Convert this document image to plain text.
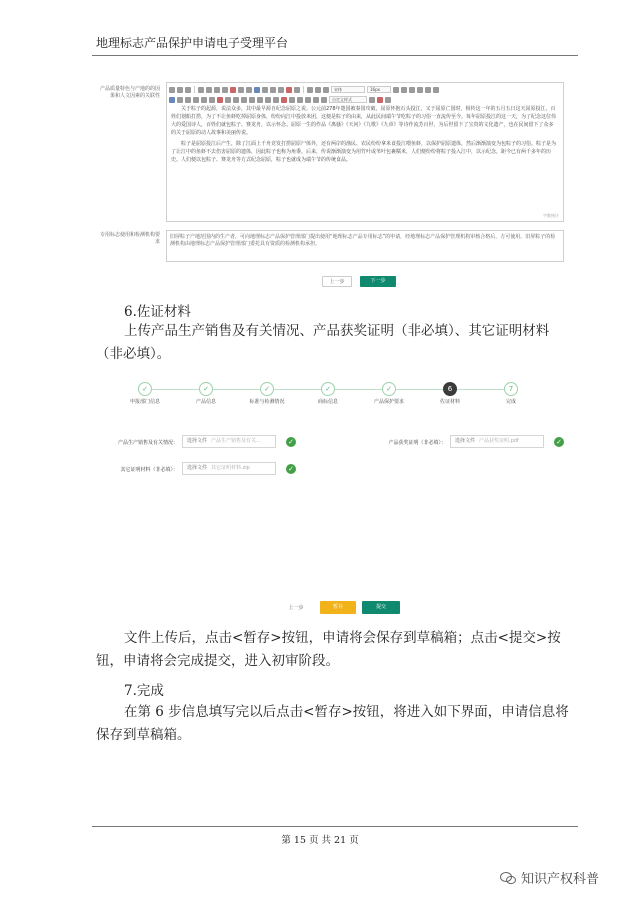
地理标志产品保护申请电子受理平台
产品质量特色与产地的的因果和人文因素的关联性
宋体	16px
自定义样式

关于粽子的起源，说法众多，其中最早源自纪念屈原之说。公元前278年楚国被秦国攻破，屈原怀抱石头投江，又于屈原亡国时，相传这一年的五月五日这天屈原投江，百姓们划船打捞，为了不让鱼虾吃掉屈原身体，纷纷向江中投放米团，这便是粽子的由来，从此民间端午节吃粽子的习俗一直流传至今。每年屈原投江的这一天，为了纪念这位伟大的爱国诗人，百姓们就包粽子、赛龙舟，以示怀念。屈原一生的作品《离骚》《天问》《九歌》《九章》等诗作流芳百世，为后世留下了宝贵的文化遗产，也在民间留下了众多的关于屈原的动人故事和美丽传说。

粽子是屈原投江后产生，除了江面上千舟竞发打捞屈原尸体外，还有两岸的渔民、农民纷纷拿米食投江喂鱼虾，以保护屈原遗体，然后渐渐演变为包粽子的习俗。粽子是为了让江中的鱼虾不去伤害屈原的遗体，因此粽子也称为角黍。后来，传说渐渐演变为用竹叶或苇叶包裹糯米，人们便纷纷将粽子投入江中，以示纪念，距今已有两千多年的历史。人们便以包粽子、赛龙舟等方式纪念屈原，粽子也就成为端午节的传统食品。

字数统计
专用标志使用和检测机构要求
旧屏粽子产地范围内的生产者，可向地理标志产品保护管理部门提出使用“地理标志产品专用标志”的申请，经地理标志产品保护管理机构审核合格后，方可使用。旧屏粽子的检测机构由地理标志产品保护管理部门委托具有资质的检测机构承担。
上一步	下一步
6.佐证材料
上传产品生产销售及有关情况、产品获奖证明（非必填）、其它证明材料（非必填）。
✓	✓	✓	✓	✓	6	7
申报部门信息	产品信息	标准与检测情况	商标信息	产品保护要求	佐证材料	完成
产品生产销售及有关情况：	选择文件 产品生产销售及有关...	✓	产品获奖证明（非必填）：	选择文件 产品获奖证明.pdf	✓
其它证明材料（非必填）：	选择文件 其它证明材料.zip	✓
上一步	暂存	提交
文件上传后，点击<暂存>按钮，申请将会保存到草稿箱；点击<提交>按钮，申请将会完成提交，进入初审阶段。
7.完成
在第 6 步信息填写完以后点击<暂存>按钮，将进入如下界面，申请信息将保存到草稿箱。
第 15 页 共 21 页
知识产权科普
